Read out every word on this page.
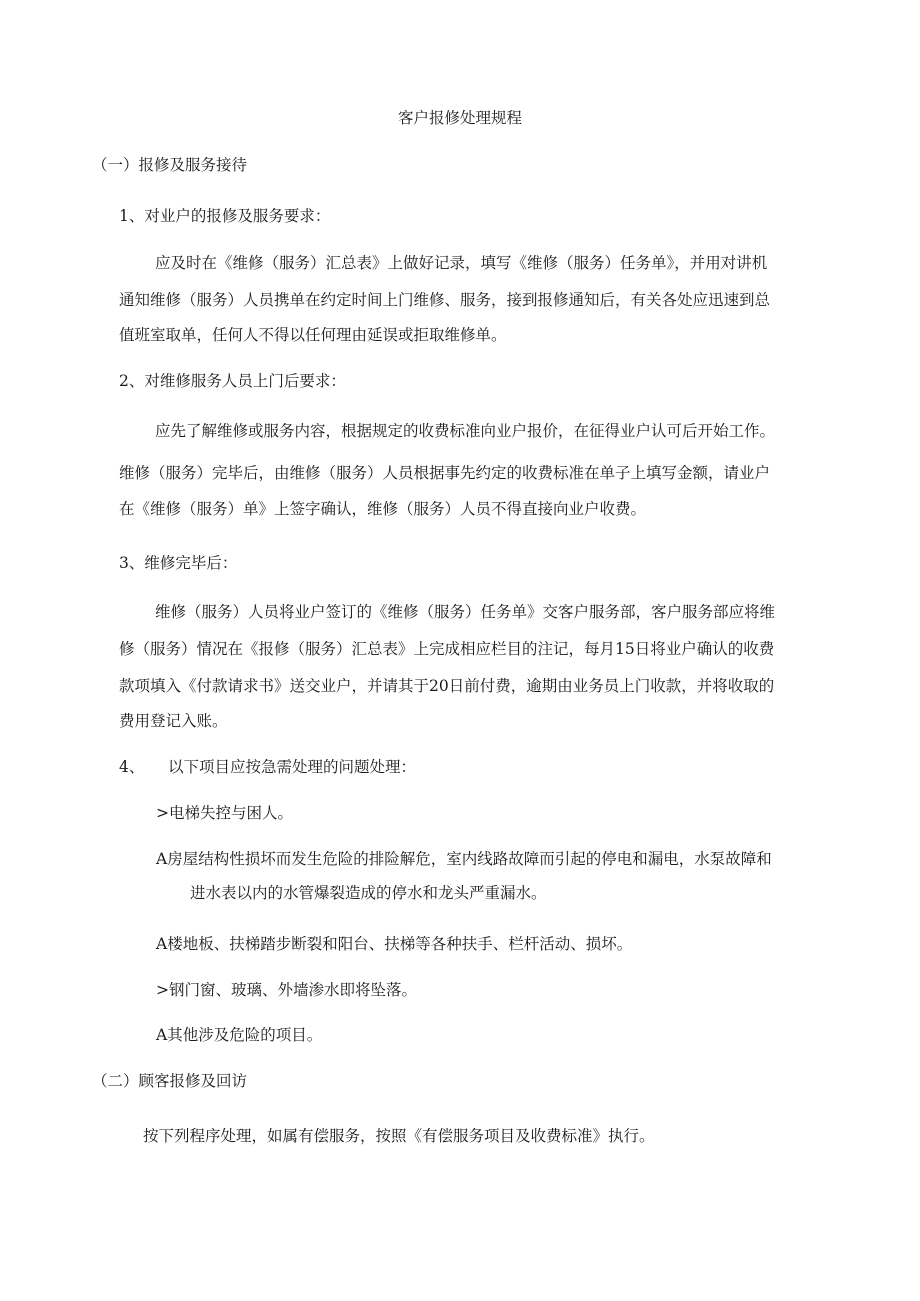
客户报修处理规程
（一）报修及服务接待
1、对业户的报修及服务要求：
应及时在《维修（服务）汇总表》上做好记录，填写《维修（服务）任务单》，并用对讲机
通知维修（服务）人员携单在约定时间上门维修、服务，接到报修通知后，有关各处应迅速到总
值班室取单，任何人不得以任何理由延误或拒取维修单。
2、对维修服务人员上门后要求：
应先了解维修或服务内容，根据规定的收费标准向业户报价，在征得业户认可后开始工作。
维修（服务）完毕后，由维修（服务）人员根据事先约定的收费标准在单子上填写金额，请业户
在《维修（服务）单》上签字确认，维修（服务）人员不得直接向业户收费。
3、维修完毕后：
维修（服务）人员将业户签订的《维修（服务）任务单》交客户服务部，客户服务部应将维
修（服务）情况在《报修（服务）汇总表》上完成相应栏目的注记，每月15日将业户确认的收费
款项填入《付款请求书》送交业户，并请其于20日前付费，逾期由业务员上门收款，并将收取的
费用登记入账。
4、 以下项目应按急需处理的问题处理：
>电梯失控与困人。
A房屋结构性损坏而发生危险的排险解危，室内线路故障而引起的停电和漏电，水泵故障和
进水表以内的水管爆裂造成的停水和龙头严重漏水。
A楼地板、扶梯踏步断裂和阳台、扶梯等各种扶手、栏杆活动、损坏。
>钢门窗、玻璃、外墙渗水即将坠落。
A其他涉及危险的项目。
（二）顾客报修及回访
按下列程序处理，如属有偿服务，按照《有偿服务项目及收费标准》执行。
